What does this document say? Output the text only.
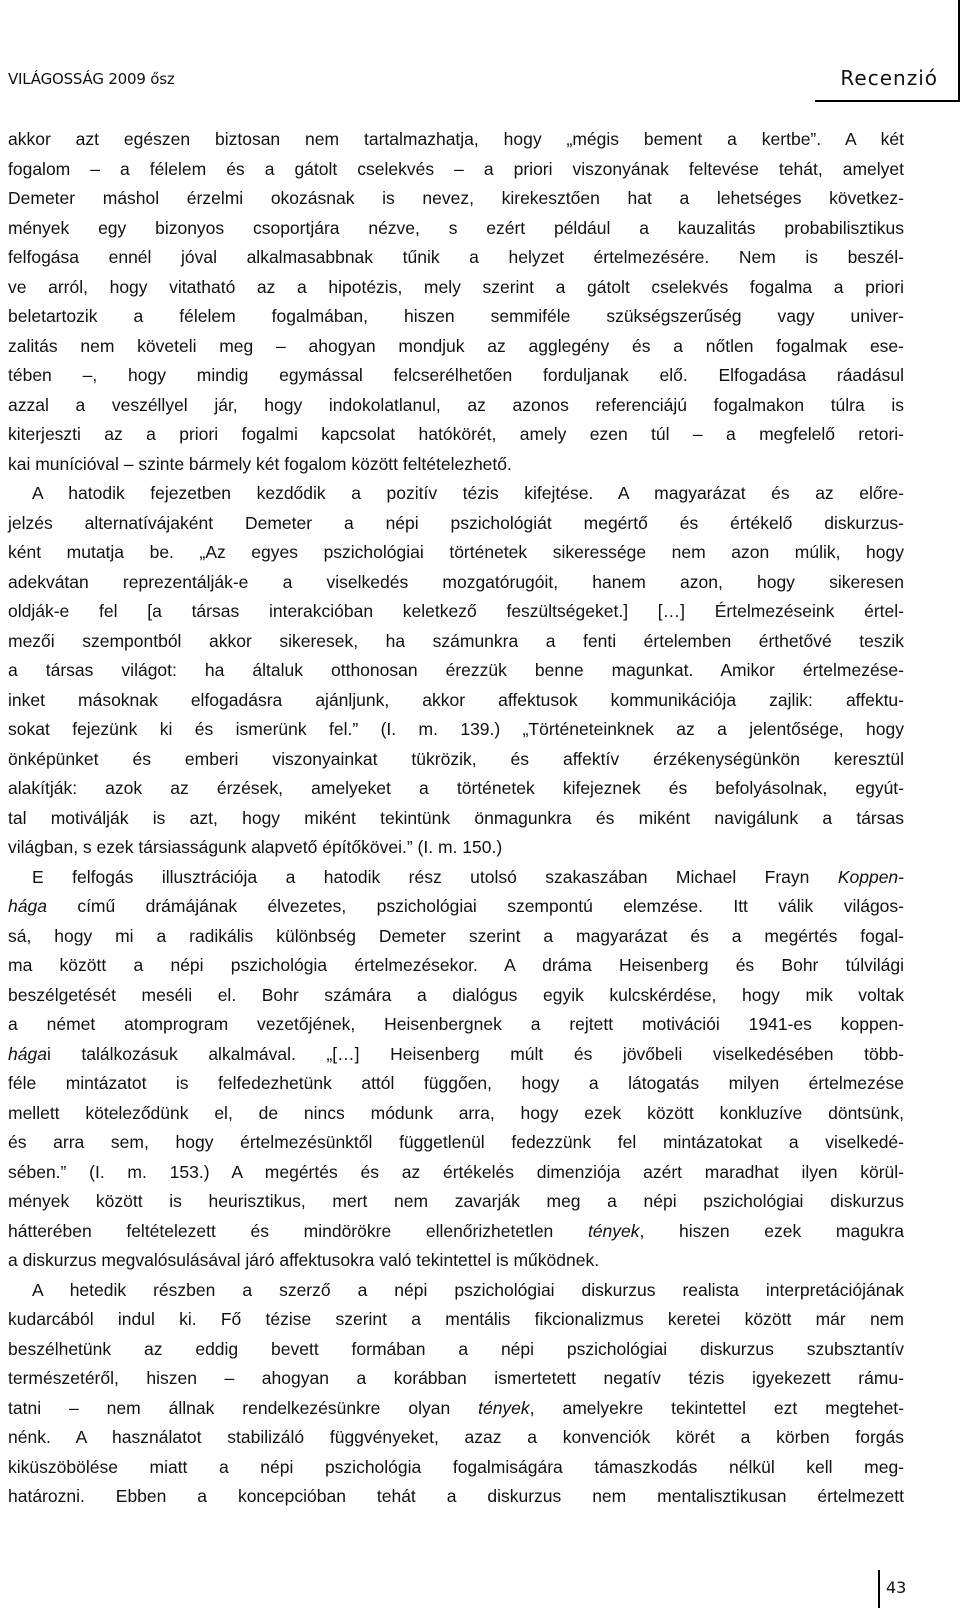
VILÁGOSSÁG 2009 ősz	Recenzió

akkor azt egészen biztosan nem tartalmazhatja, hogy „mégis bement a kertbe”. A két
fogalom – a félelem és a gátolt cselekvés – a priori viszonyának feltevése tehát, amelyet
Demeter máshol érzelmi okozásnak is nevez, kirekesztően hat a lehetséges következ-
mények egy bizonyos csoportjára nézve, s ezért például a kauzalitás probabilisztikus
felfogása ennél jóval alkalmasabbnak tűnik a helyzet értelmezésére. Nem is beszél-
ve arról, hogy vitatható az a hipotézis, mely szerint a gátolt cselekvés fogalma a priori
beletartozik a félelem fogalmában, hiszen semmiféle szükségszerűség vagy univer-
zalitás nem követeli meg – ahogyan mondjuk az agglegény és a nőtlen fogalmak ese-
tében –, hogy mindig egymással felcserélhetően forduljanak elő. Elfogadása ráadásul
azzal a veszéllyel jár, hogy indokolatlanul, az azonos referenciájú fogalmakon túlra is
kiterjeszti az a priori fogalmi kapcsolat hatókörét, amely ezen túl – a megfelelő retori-
kai munícióval – szinte bármely két fogalom között feltételezhető.

A hatodik fejezetben kezdődik a pozitív tézis kifejtése. A magyarázat és az előre-
jelzés alternatívájaként Demeter a népi pszichológiát megértő és értékelő diskurzus-
ként mutatja be. „Az egyes pszichológiai történetek sikeressége nem azon múlik, hogy
adekvátan reprezentálják-e a viselkedés mozgatórugóit, hanem azon, hogy sikeresen
oldják-e fel [a társas interakcióban keletkező feszültségeket.] […] Értelmezéseink értel-
mezői szempontból akkor sikeresek, ha számunkra a fenti értelemben érthetővé teszik
a társas világot: ha általuk otthonosan érezzük benne magunkat. Amikor értelmezése-
inket másoknak elfogadásra ajánljunk, akkor affektusok kommunikációja zajlik: affektu-
sokat fejezünk ki és ismerünk fel.” (I. m. 139.) „Történeteinknek az a jelentősége, hogy
önképünket és emberi viszonyainkat tükrözik, és affektív érzékenységünkön keresztül
alakítják: azok az érzések, amelyeket a történetek kifejeznek és befolyásolnak, egyút-
tal motiválják is azt, hogy miként tekintünk önmagunkra és miként navigálunk a társas
világban, s ezek társiasságunk alapvető építőkövei.” (I. m. 150.)

E felfogás illusztrációja a hatodik rész utolsó szakaszában Michael Frayn Koppen-
hága című drámájának élvezetes, pszichológiai szempontú elemzése. Itt válik világos-
sá, hogy mi a radikális különbség Demeter szerint a magyarázat és a megértés fogal-
ma között a népi pszichológia értelmezésekor. A dráma Heisenberg és Bohr túlvilági
beszélgetését meséli el. Bohr számára a dialógus egyik kulcskérdése, hogy mik voltak
a német atomprogram vezetőjének, Heisenbergnek a rejtett motivációi 1941-es koppen-
hágai találkozásuk alkalmával. „[…] Heisenberg múlt és jövőbeli viselkedésében több-
féle mintázatot is felfedezhetünk attól függően, hogy a látogatás milyen értelmezése
mellett köteleződünk el, de nincs módunk arra, hogy ezek között konkluzíve döntsünk,
és arra sem, hogy értelmezésünktől függetlenül fedezzünk fel mintázatokat a viselkedé-
sében.” (I. m. 153.) A megértés és az értékelés dimenziója azért maradhat ilyen körül-
mények között is heurisztikus, mert nem zavarják meg a népi pszichológiai diskurzus
hátterében feltételezett és mindörökre ellenőrizhetetlen tények, hiszen ezek magukra
a diskurzus megvalósulásával járó affektusokra való tekintettel is működnek.

A hetedik részben a szerző a népi pszichológiai diskurzus realista interpretációjának
kudarcából indul ki. Fő tézise szerint a mentális fikcionalizmus keretei között már nem
beszélhetünk az eddig bevett formában a népi pszichológiai diskurzus szubsztantív
természetéről, hiszen – ahogyan a korábban ismertetett negatív tézis igyekezett rámu-
tatni – nem állnak rendelkezésünkre olyan tények, amelyekre tekintettel ezt megtehet-
nénk. A használatot stabilizáló függvényeket, azaz a konvenciók körét a körben forgás
kiküszöbölése miatt a népi pszichológia fogalmiságára támaszkodás nélkül kell meg-
határozni. Ebben a koncepcióban tehát a diskurzus nem mentalisztikusan értelmezett

43
